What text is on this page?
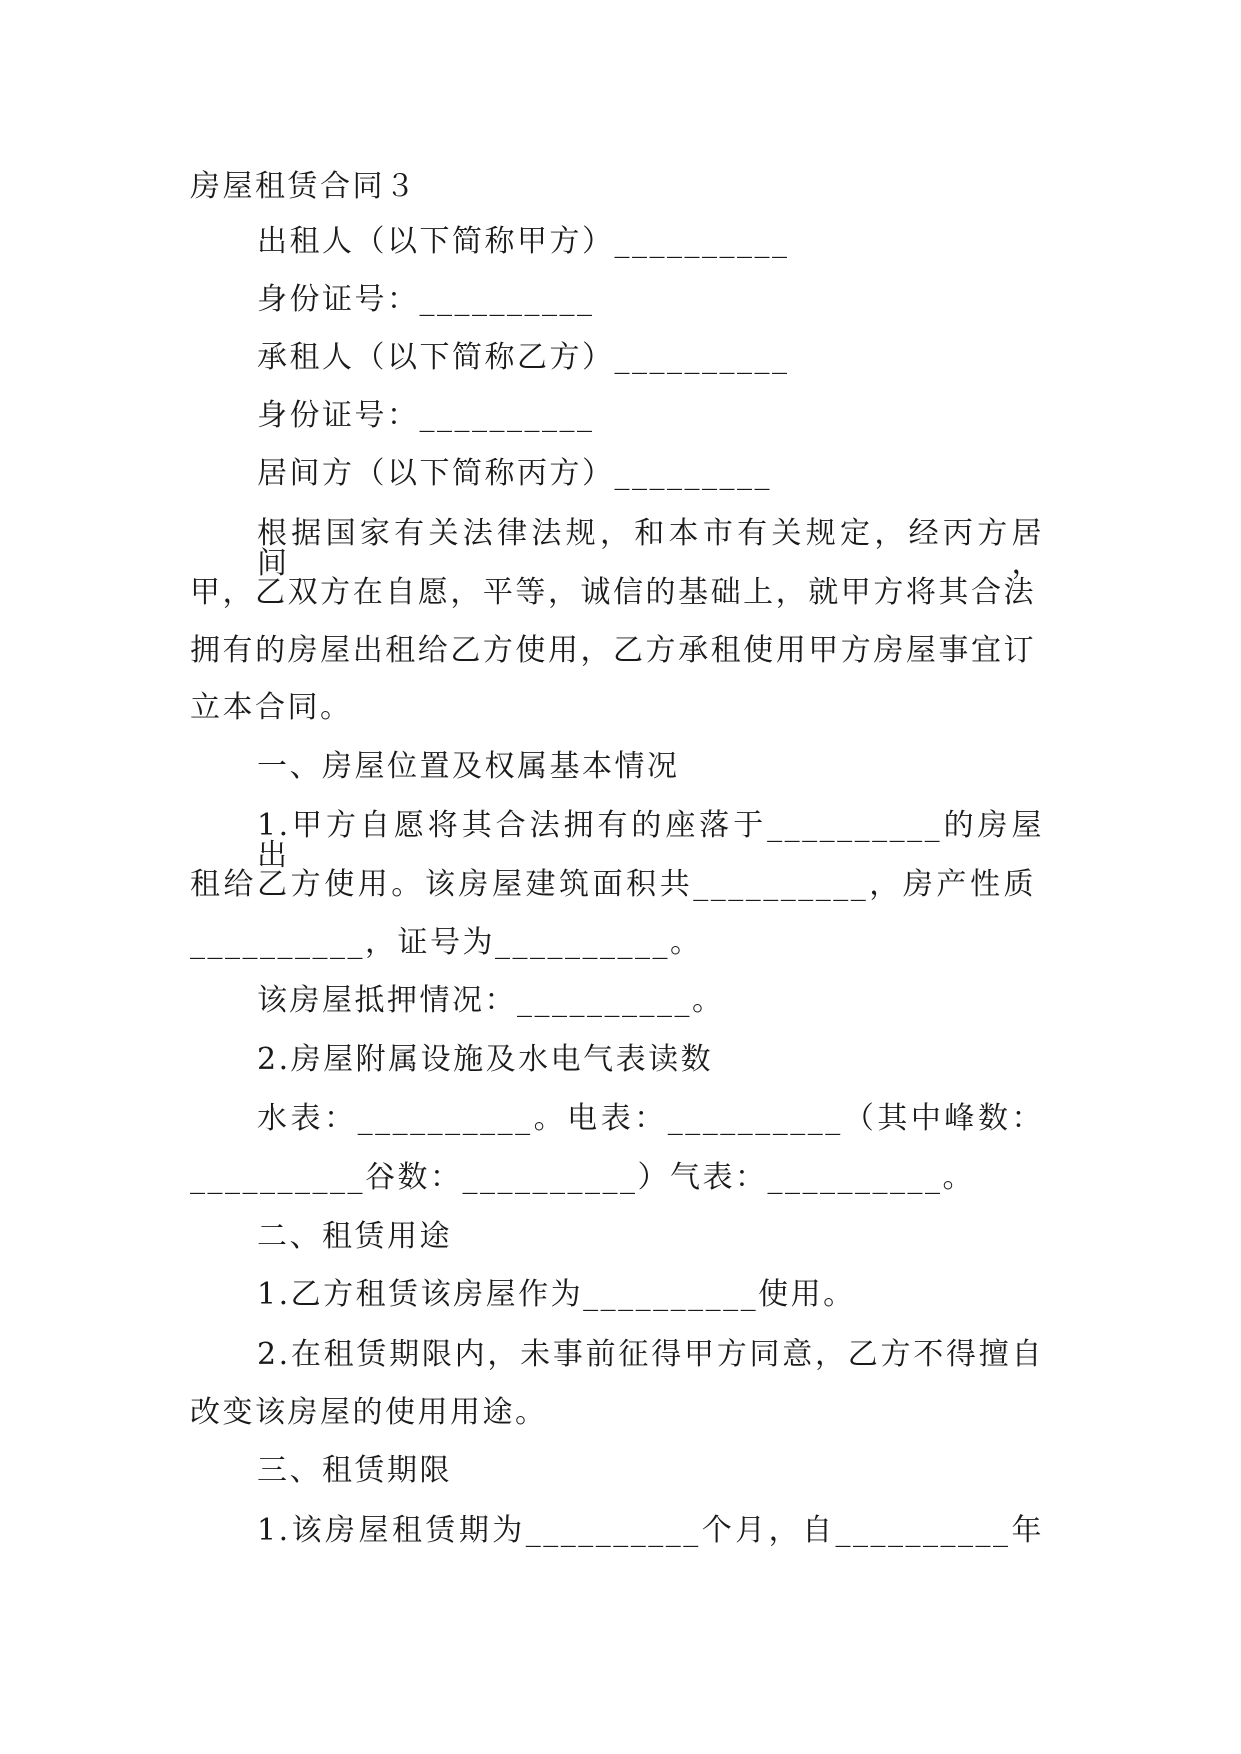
房屋租赁合同３
出租人（以下简称甲方）__________
身份证号：__________
承租人（以下简称乙方）__________
身份证号：__________
居间方（以下简称丙方）_________
根据国家有关法律法规，和本市有关规定，经丙方居间，
甲，乙双方在自愿，平等，诚信的基础上，就甲方将其合法
拥有的房屋出租给乙方使用，乙方承租使用甲方房屋事宜订
立本合同。
一、房屋位置及权属基本情况
1.甲方自愿将其合法拥有的座落于__________的房屋出
租给乙方使用。该房屋建筑面积共__________，房产性质
__________，证号为__________。
该房屋抵押情况：__________。
2.房屋附属设施及水电气表读数
水表：__________。电表：__________（其中峰数：
__________谷数：__________）气表：__________。
二、租赁用途
1.乙方租赁该房屋作为__________使用。
2.在租赁期限内，未事前征得甲方同意，乙方不得擅自
改变该房屋的使用用途。
三、租赁期限
1.该房屋租赁期为__________个月，自__________年
